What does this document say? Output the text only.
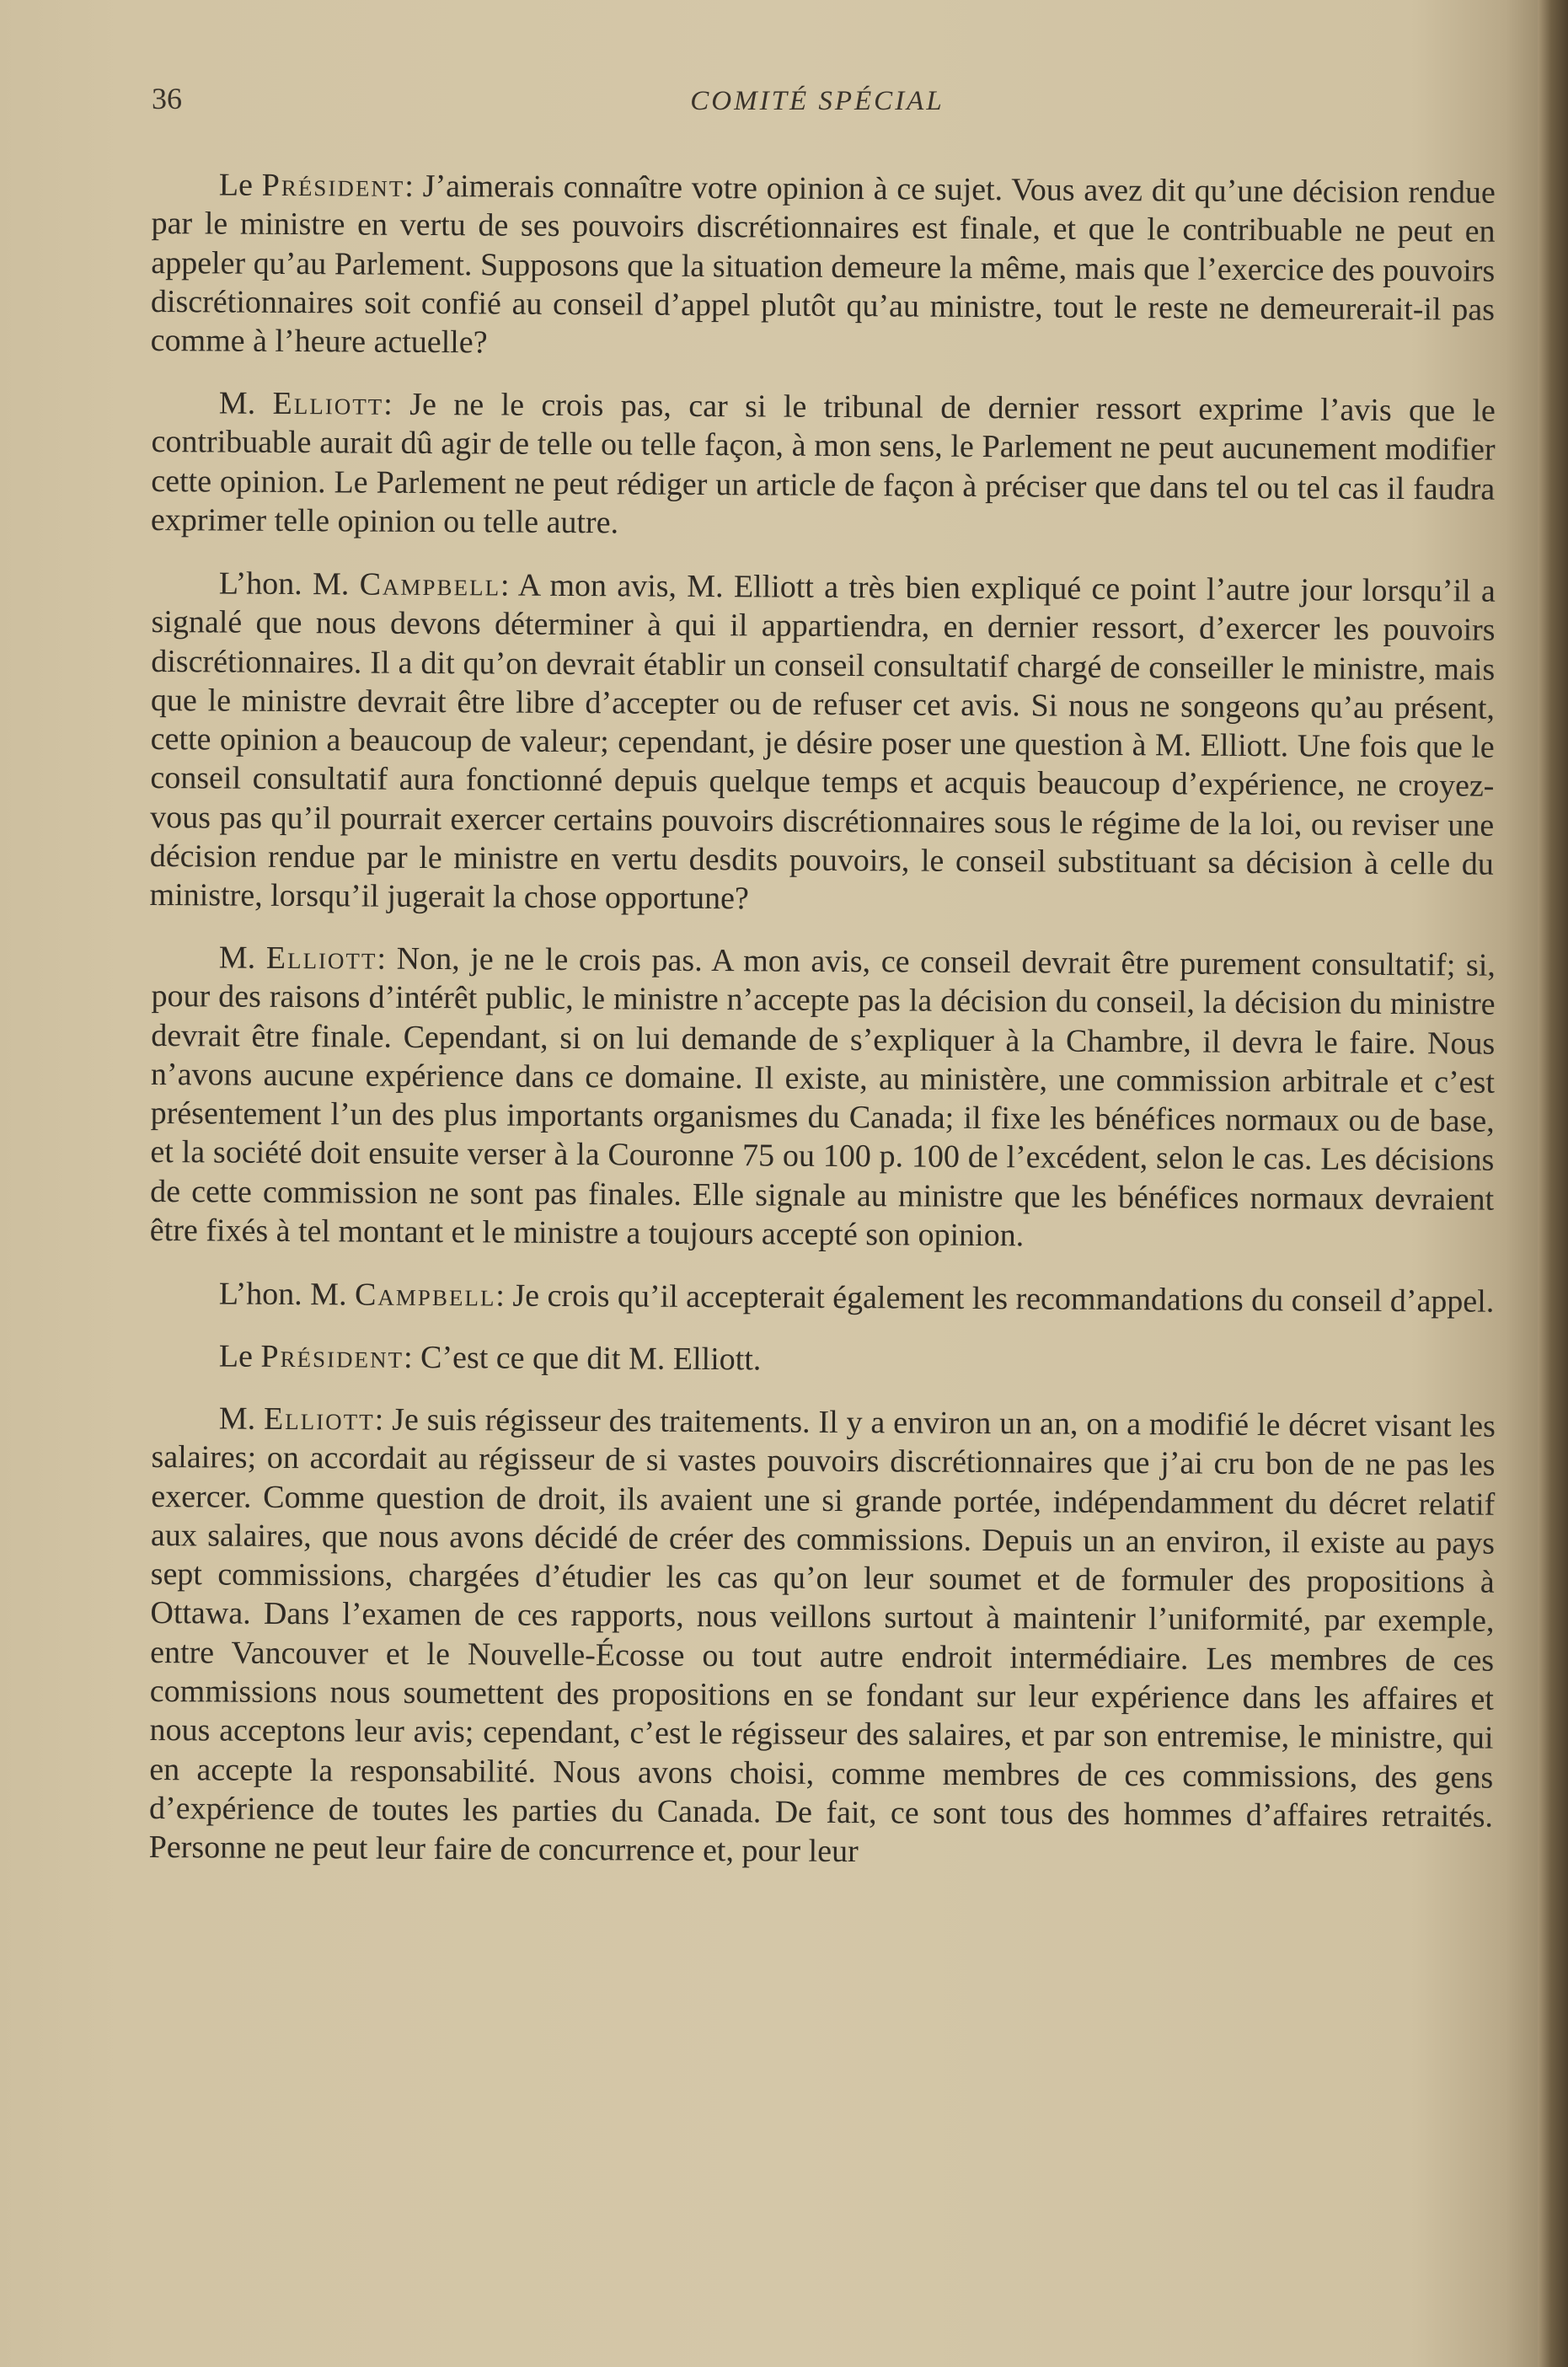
36	COMITÉ SPÉCIAL

Le Président: J’aimerais connaître votre opinion à ce sujet. Vous avez dit qu’une décision rendue par le ministre en vertu de ses pouvoirs discrétionnaires est finale, et que le contribuable ne peut en appeler qu’au Parlement. Supposons que la situation demeure la même, mais que l’exercice des pouvoirs discrétionnaires soit confié au conseil d’appel plutôt qu’au ministre, tout le reste ne demeurerait-il pas comme à l’heure actuelle?

M. Elliott: Je ne le crois pas, car si le tribunal de dernier ressort exprime l’avis que le contribuable aurait dû agir de telle ou telle façon, à mon sens, le Parlement ne peut aucunement modifier cette opinion. Le Parlement ne peut rédiger un article de façon à préciser que dans tel ou tel cas il faudra exprimer telle opinion ou telle autre.

L’hon. M. Campbell: A mon avis, M. Elliott a très bien expliqué ce point l’autre jour lorsqu’il a signalé que nous devons déterminer à qui il appartiendra, en dernier ressort, d’exercer les pouvoirs discrétionnaires. Il a dit qu’on devrait établir un conseil consultatif chargé de conseiller le ministre, mais que le ministre devrait être libre d’accepter ou de refuser cet avis. Si nous ne songeons qu’au présent, cette opinion a beaucoup de valeur; cependant, je désire poser une question à M. Elliott. Une fois que le conseil consultatif aura fonctionné depuis quelque temps et acquis beaucoup d’expérience, ne croyez-vous pas qu’il pourrait exercer certains pouvoirs discrétionnaires sous le régime de la loi, ou reviser une décision rendue par le ministre en vertu desdits pouvoirs, le conseil substituant sa décision à celle du ministre, lorsqu’il jugerait la chose opportune?

M. Elliott: Non, je ne le crois pas. A mon avis, ce conseil devrait être purement consultatif; si, pour des raisons d’intérêt public, le ministre n’accepte pas la décision du conseil, la décision du ministre devrait être finale. Cependant, si on lui demande de s’expliquer à la Chambre, il devra le faire. Nous n’avons aucune expérience dans ce domaine. Il existe, au ministère, une commission arbitrale et c’est présentement l’un des plus importants organismes du Canada; il fixe les bénéfices normaux ou de base, et la société doit ensuite verser à la Couronne 75 ou 100 p. 100 de l’excédent, selon le cas. Les décisions de cette commission ne sont pas finales. Elle signale au ministre que les bénéfices normaux devraient être fixés à tel montant et le ministre a toujours accepté son opinion.

L’hon. M. Campbell: Je crois qu’il accepterait également les recommandations du conseil d’appel.

Le Président: C’est ce que dit M. Elliott.

M. Elliott: Je suis régisseur des traitements. Il y a environ un an, on a modifié le décret visant les salaires; on accordait au régisseur de si vastes pouvoirs discrétionnaires que j’ai cru bon de ne pas les exercer. Comme question de droit, ils avaient une si grande portée, indépendamment du décret relatif aux salaires, que nous avons décidé de créer des commissions. Depuis un an environ, il existe au pays sept commissions, chargées d’étudier les cas qu’on leur soumet et de formuler des propositions à Ottawa. Dans l’examen de ces rapports, nous veillons surtout à maintenir l’uniformité, par exemple, entre Vancouver et le Nouvelle-Écosse ou tout autre endroit intermédiaire. Les membres de ces commissions nous soumettent des propositions en se fondant sur leur expérience dans les affaires et nous acceptons leur avis; cependant, c’est le régisseur des salaires, et par son entremise, le ministre, qui en accepte la responsabilité. Nous avons choisi, comme membres de ces commissions, des gens d’expérience de toutes les parties du Canada. De fait, ce sont tous des hommes d’affaires retraités. Personne ne peut leur faire de concurrence et, pour leur
